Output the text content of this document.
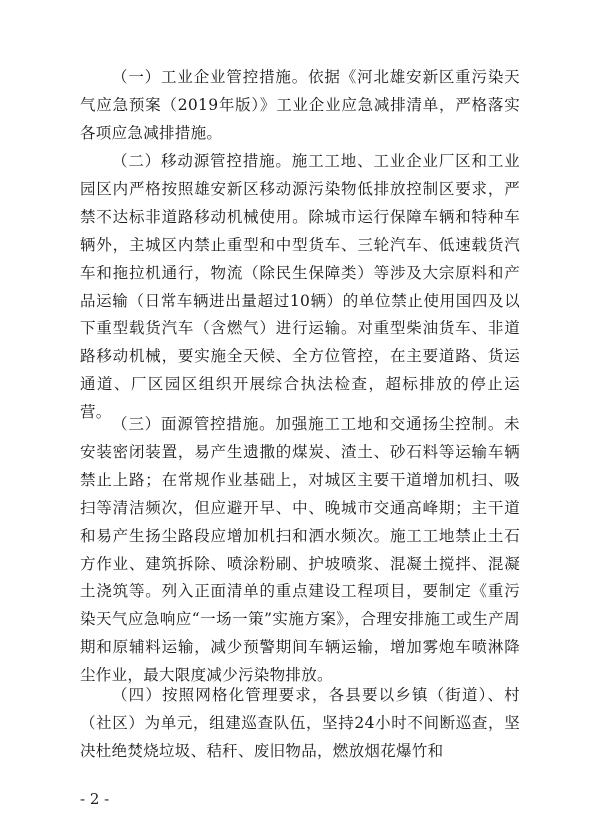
（一）工业企业管控措施。依据《河北雄安新区重污染天气应急预案（2019年版）》工业企业应急减排清单，严格落实各项应急减排措施。

（二）移动源管控措施。施工工地、工业企业厂区和工业园区内严格按照雄安新区移动源污染物低排放控制区要求，严禁不达标非道路移动机械使用。除城市运行保障车辆和特种车辆外，主城区内禁止重型和中型货车、三轮汽车、低速载货汽车和拖拉机通行，物流（除民生保障类）等涉及大宗原料和产品运输（日常车辆进出量超过10辆）的单位禁止使用国四及以下重型载货汽车（含燃气）进行运输。对重型柴油货车、非道路移动机械，要实施全天候、全方位管控，在主要道路、货运通道、厂区园区组织开展综合执法检查，超标排放的停止运营。

（三）面源管控措施。加强施工工地和交通扬尘控制。未安装密闭装置，易产生遗撒的煤炭、渣土、砂石料等运输车辆禁止上路；在常规作业基础上，对城区主要干道增加机扫、吸扫等清洁频次，但应避开早、中、晚城市交通高峰期；主干道和易产生扬尘路段应增加机扫和洒水频次。施工工地禁止土石方作业、建筑拆除、喷涂粉刷、护坡喷浆、混凝土搅拌、混凝土浇筑等。列入正面清单的重点建设工程项目，要制定《重污染天气应急响应“一场一策”实施方案》，合理安排施工或生产周期和原辅料运输，减少预警期间车辆运输，增加雾炮车喷淋降尘作业，最大限度减少污染物排放。

（四）按照网格化管理要求，各县要以乡镇（街道）、村（社区）为单元，组建巡查队伍，坚持24小时不间断巡查，坚决杜绝焚烧垃圾、秸秆、废旧物品，燃放烟花爆竹和

- 2 -
